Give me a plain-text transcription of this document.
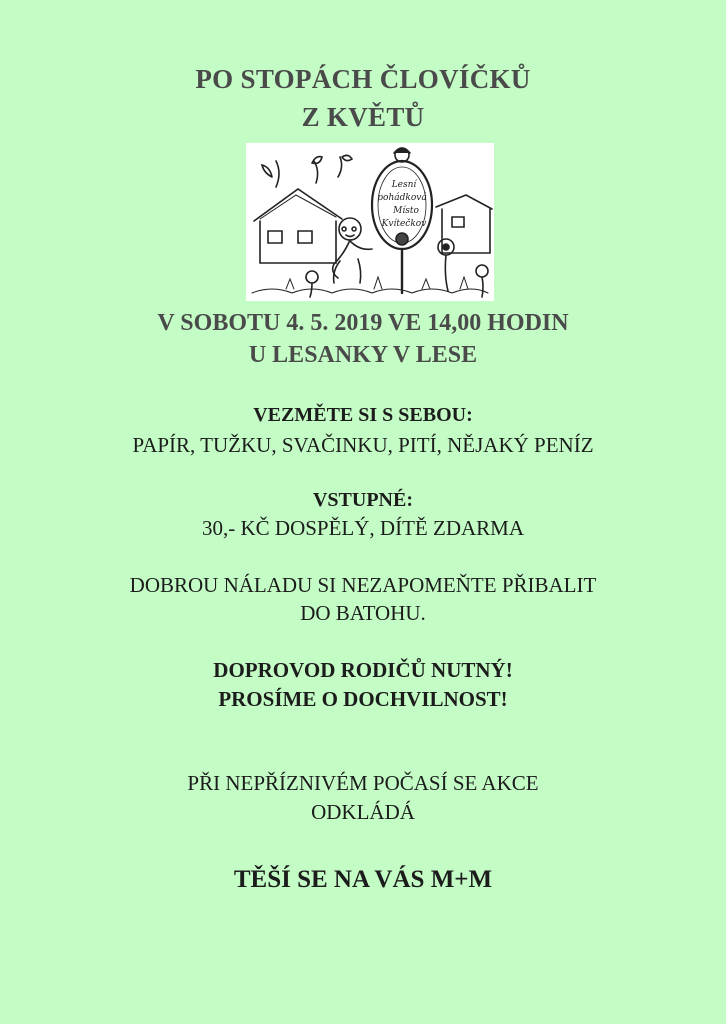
PO STOPÁCH ČLOVÍČKŮ
Z KVĚTŮ
Lesní
pohádková
Místo
Kvítečkov
V SOBOTU 4. 5. 2019 VE 14,00 HODIN
U LESANKY V LESE
VEZMĚTE SI S SEBOU:
PAPÍR, TUŽKU, SVAČINKU, PITÍ, NĚJAKÝ PENÍZ
VSTUPNÉ:
30,- KČ DOSPĚLÝ, DÍTĚ ZDARMA
DOBROU NÁLADU SI NEZAPOMEŇTE PŘIBALIT
DO BATOHU.
DOPROVOD RODIČŮ NUTNÝ!
PROSÍME O DOCHVILNOST!
PŘI NEPŘÍZNIVÉM POČASÍ SE AKCE
ODKLÁDÁ
TĚŠÍ SE NA VÁS M+M
